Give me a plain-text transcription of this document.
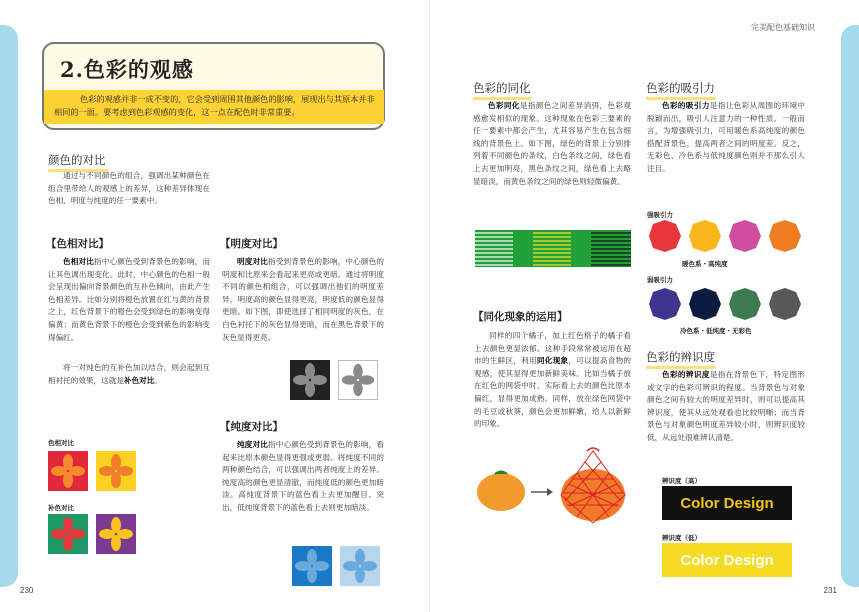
完美配色基础知识
230	231
2.色彩的观感
色彩的观感并非一成不变的，它会受到周围其他颜色的影响，展现出与其原本并非相同的一面。要考虑到色彩观感的变化，这一点在配色时非常重要。
颜色的对比
通过与不同颜色的组合，强调出某种颜色在组合里带给人的观感上的差异，这种差异体现在色相、明度与纯度的任一要素中。
【色相对比】
色相对比指中心颜色受到背景色的影响，而让其色调出现变化。此时，中心颜色的色相一般会呈现出偏向背景颜色的互补色倾向，由此产生色相差异。比如分别将橙色放置在红与黄的背景之上，红色背景下的橙色会受到绿色的影响变得偏黄；而黄色背景下的橙色会受到紫色的影响变得偏红。
将一对纯色的互补色加以结合，则会起到互相衬托的效果，这就是补色对比。
色相对比
补色对比
【明度对比】
明度对比指受到背景色的影响，中心颜色的明度和比原来会看起来更亮或更暗。通过将明度不同的颜色相组合，可以强调出他们的明度差异，明度高的颜色显得更亮，明度低的颜色显得更暗。如下图，即使选择了相同明度的灰色，在白色衬托下的灰色显得更暗，而在黑色背景下的灰色显得更亮。
【纯度对比】
纯度对比指中心颜色受到背景色的影响，看起来比原本颜色显得更强或更弱。将纯度不同的两种颜色结合，可以强调出两者纯度上的差异。纯度高的颜色更显清澈，而纯度低的颜色更加暗淡。高纯度背景下的蓝色看上去更加醒目、突出，低纯度背景下的蓝色看上去则更加暗淡。
色彩的同化
色彩同化是指颜色之间差异消弭，色彩观感愈发相似的现象。这种现象在色彩三要素的任一要素中都会产生，尤其容易产生在包含细线的背景色上。如下图，绿色的背景上分别排列着不同颜色的条纹，白色条纹之间，绿色看上去更加明亮，黑色条纹之间，绿色看上去略显暗淡，而黄色条纹之间的绿色则轻微偏黄。
【同化现象的运用】
同样的四个橘子，加上红色格子的橘子看上去颜色更显浓郁。这种手段常常被运用在超市的生鲜区，利用同化现象，可以提高食物的观感，使其显得更加新鲜美味。比如当橘子放在红色的网袋中时，实际看上去的颜色比原本偏红，显得更加成熟。同样，放在绿色网袋中的毛豆或秋葵，颜色会更加鲜嫩，给人以新鲜的印象。
色彩的吸引力
色彩的吸引力是指让色彩从周围的环境中脱颖而出，吸引人注意力的一种性质。一般而言，为增强吸引力，可用暖色系高纯度的颜色搭配背景色，提高两者之间的明度差。反之，无彩色、冷色系与低纯度颜色则并不那么引人注目。
强吸引力
暖色系・高纯度
弱吸引力
冷色系・低纯度・无彩色
色彩的辨识度
色彩的辨识度是指在背景色下，特定图形或文字的色彩可辨识的程度。当背景色与对象颜色之间有较大的明度差异时，则可以提高其辨识度，使其从远处观看也比较明晰；而当背景色与对象颜色明度差异较小时，则辨识度较低，从远处很难辨认清楚。
辨识度（高）
Color Design
辨识度（低）
Color Design
